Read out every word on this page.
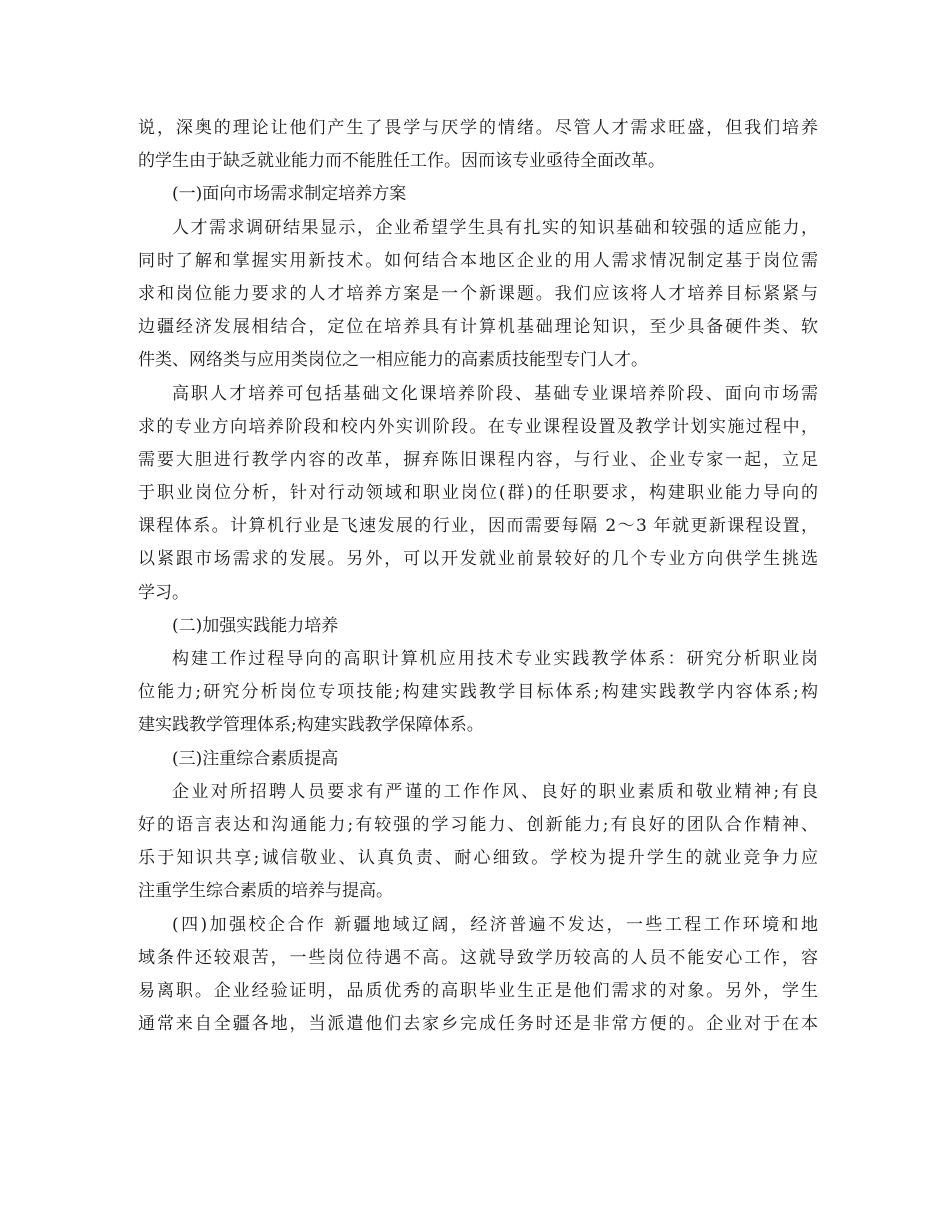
说，深奥的理论让他们产生了畏学与厌学的情绪。尽管人才需求旺盛，但我们培养
的学生由于缺乏就业能力而不能胜任工作。因而该专业亟待全面改革。
(一)面向市场需求制定培养方案
人才需求调研结果显示，企业希望学生具有扎实的知识基础和较强的适应能力，
同时了解和掌握实用新技术。如何结合本地区企业的用人需求情况制定基于岗位需
求和岗位能力要求的人才培养方案是一个新课题。我们应该将人才培养目标紧紧与
边疆经济发展相结合，定位在培养具有计算机基础理论知识，至少具备硬件类、软
件类、网络类与应用类岗位之一相应能力的高素质技能型专门人才。
高职人才培养可包括基础文化课培养阶段、基础专业课培养阶段、面向市场需
求的专业方向培养阶段和校内外实训阶段。在专业课程设置及教学计划实施过程中，
需要大胆进行教学内容的改革，摒弃陈旧课程内容，与行业、企业专家一起，立足
于职业岗位分析，针对行动领域和职业岗位(群)的任职要求，构建职业能力导向的
课程体系。计算机行业是飞速发展的行业，因而需要每隔 2～3 年就更新课程设置，
以紧跟市场需求的发展。另外，可以开发就业前景较好的几个专业方向供学生挑选
学习。
(二)加强实践能力培养
构建工作过程导向的高职计算机应用技术专业实践教学体系：研究分析职业岗
位能力;研究分析岗位专项技能;构建实践教学目标体系;构建实践教学内容体系;构
建实践教学管理体系;构建实践教学保障体系。
(三)注重综合素质提高
企业对所招聘人员要求有严谨的工作作风、良好的职业素质和敬业精神;有良
好的语言表达和沟通能力;有较强的学习能力、创新能力;有良好的团队合作精神、
乐于知识共享;诚信敬业、认真负责、耐心细致。学校为提升学生的就业竞争力应
注重学生综合素质的培养与提高。
(四)加强校企合作 新疆地域辽阔，经济普遍不发达，一些工程工作环境和地
域条件还较艰苦，一些岗位待遇不高。这就导致学历较高的人员不能安心工作，容
易离职。企业经验证明，品质优秀的高职毕业生正是他们需求的对象。另外，学生
通常来自全疆各地，当派遣他们去家乡完成任务时还是非常方便的。企业对于在本
